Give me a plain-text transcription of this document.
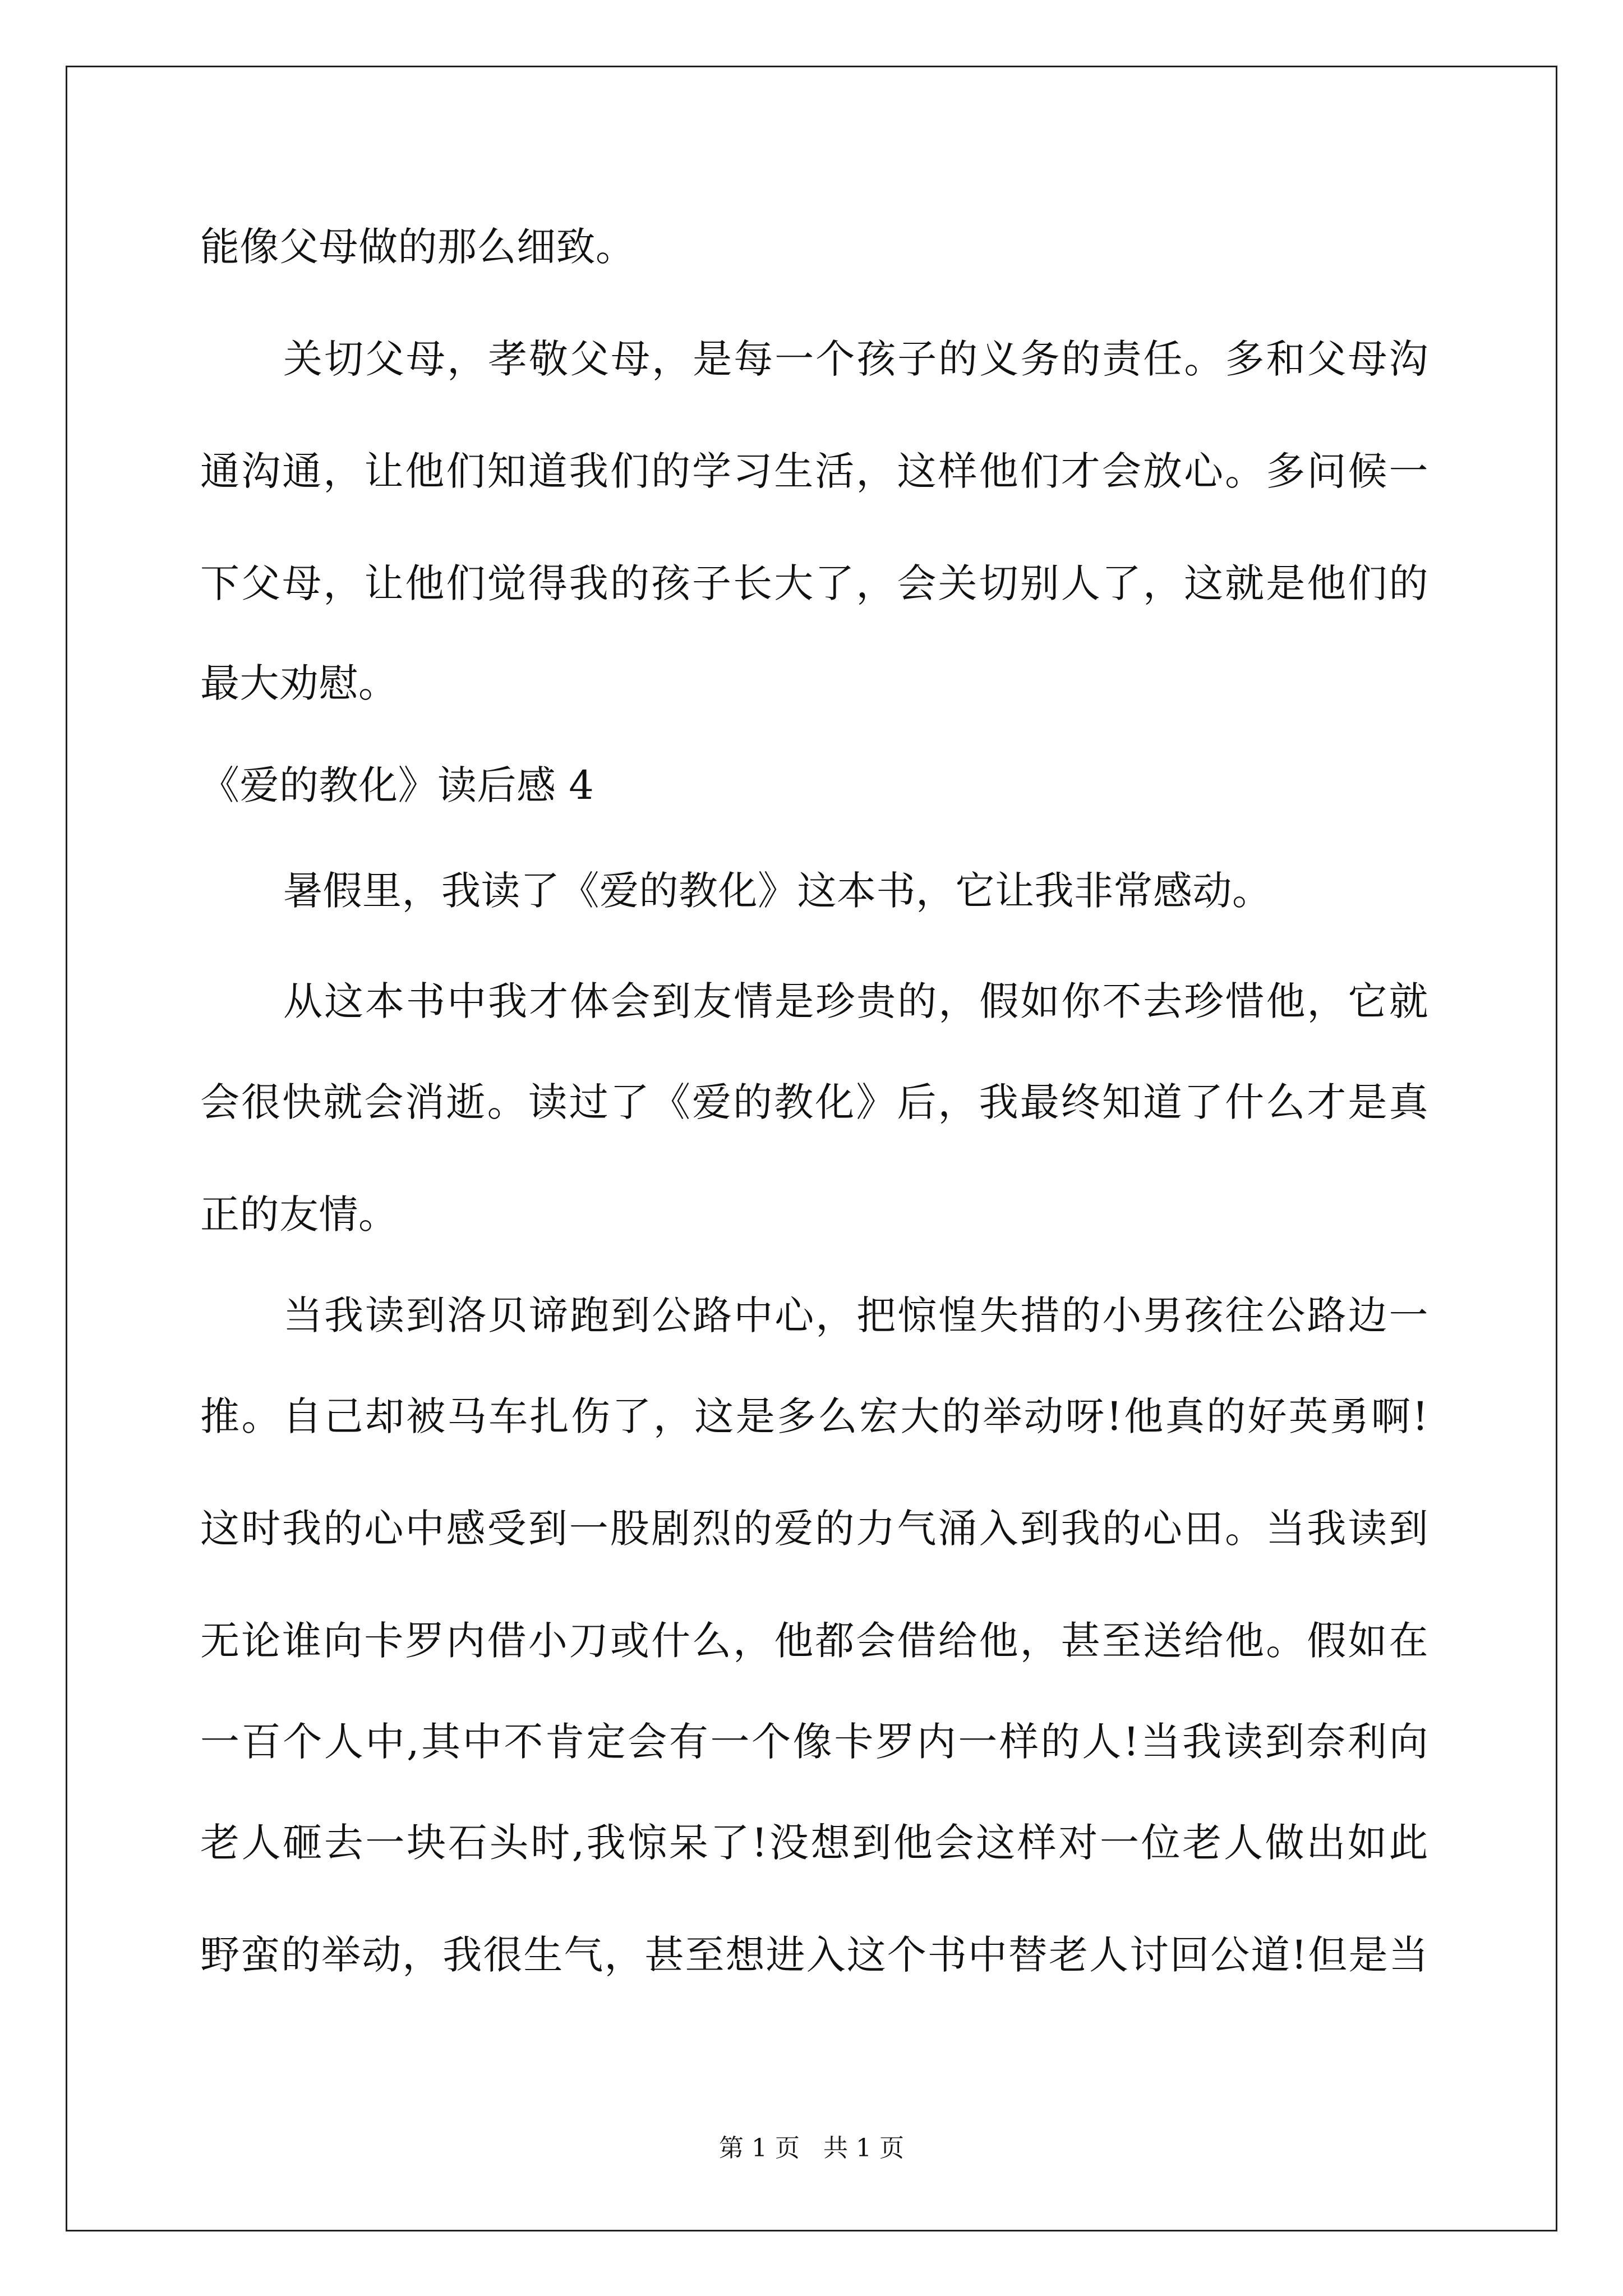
能像父母做的那么细致。

关切父母，孝敬父母，是每一个孩子的义务的责任。多和父母沟

通沟通，让他们知道我们的学习生活，这样他们才会放心。多问候一

下父母，让他们觉得我的孩子长大了，会关切别人了，这就是他们的

最大劝慰。

《爱的教化》读后感 4

暑假里，我读了《爱的教化》这本书，它让我非常感动。

从这本书中我才体会到友情是珍贵的，假如你不去珍惜他，它就

会很快就会消逝。读过了《爱的教化》后，我最终知道了什么才是真

正的友情。

当我读到洛贝谛跑到公路中心，把惊惶失措的小男孩往公路边一

推。自己却被马车扎伤了，这是多么宏大的举动呀!他真的好英勇啊!

这时我的心中感受到一股剧烈的爱的力气涌入到我的心田。当我读到

无论谁向卡罗内借小刀或什么，他都会借给他，甚至送给他。假如在

一百个人中,其中不肯定会有一个像卡罗内一样的人!当我读到奈利向

老人砸去一块石头时,我惊呆了!没想到他会这样对一位老人做出如此

野蛮的举动，我很生气，甚至想进入这个书中替老人讨回公道!但是当

第 1 页   共 1 页
